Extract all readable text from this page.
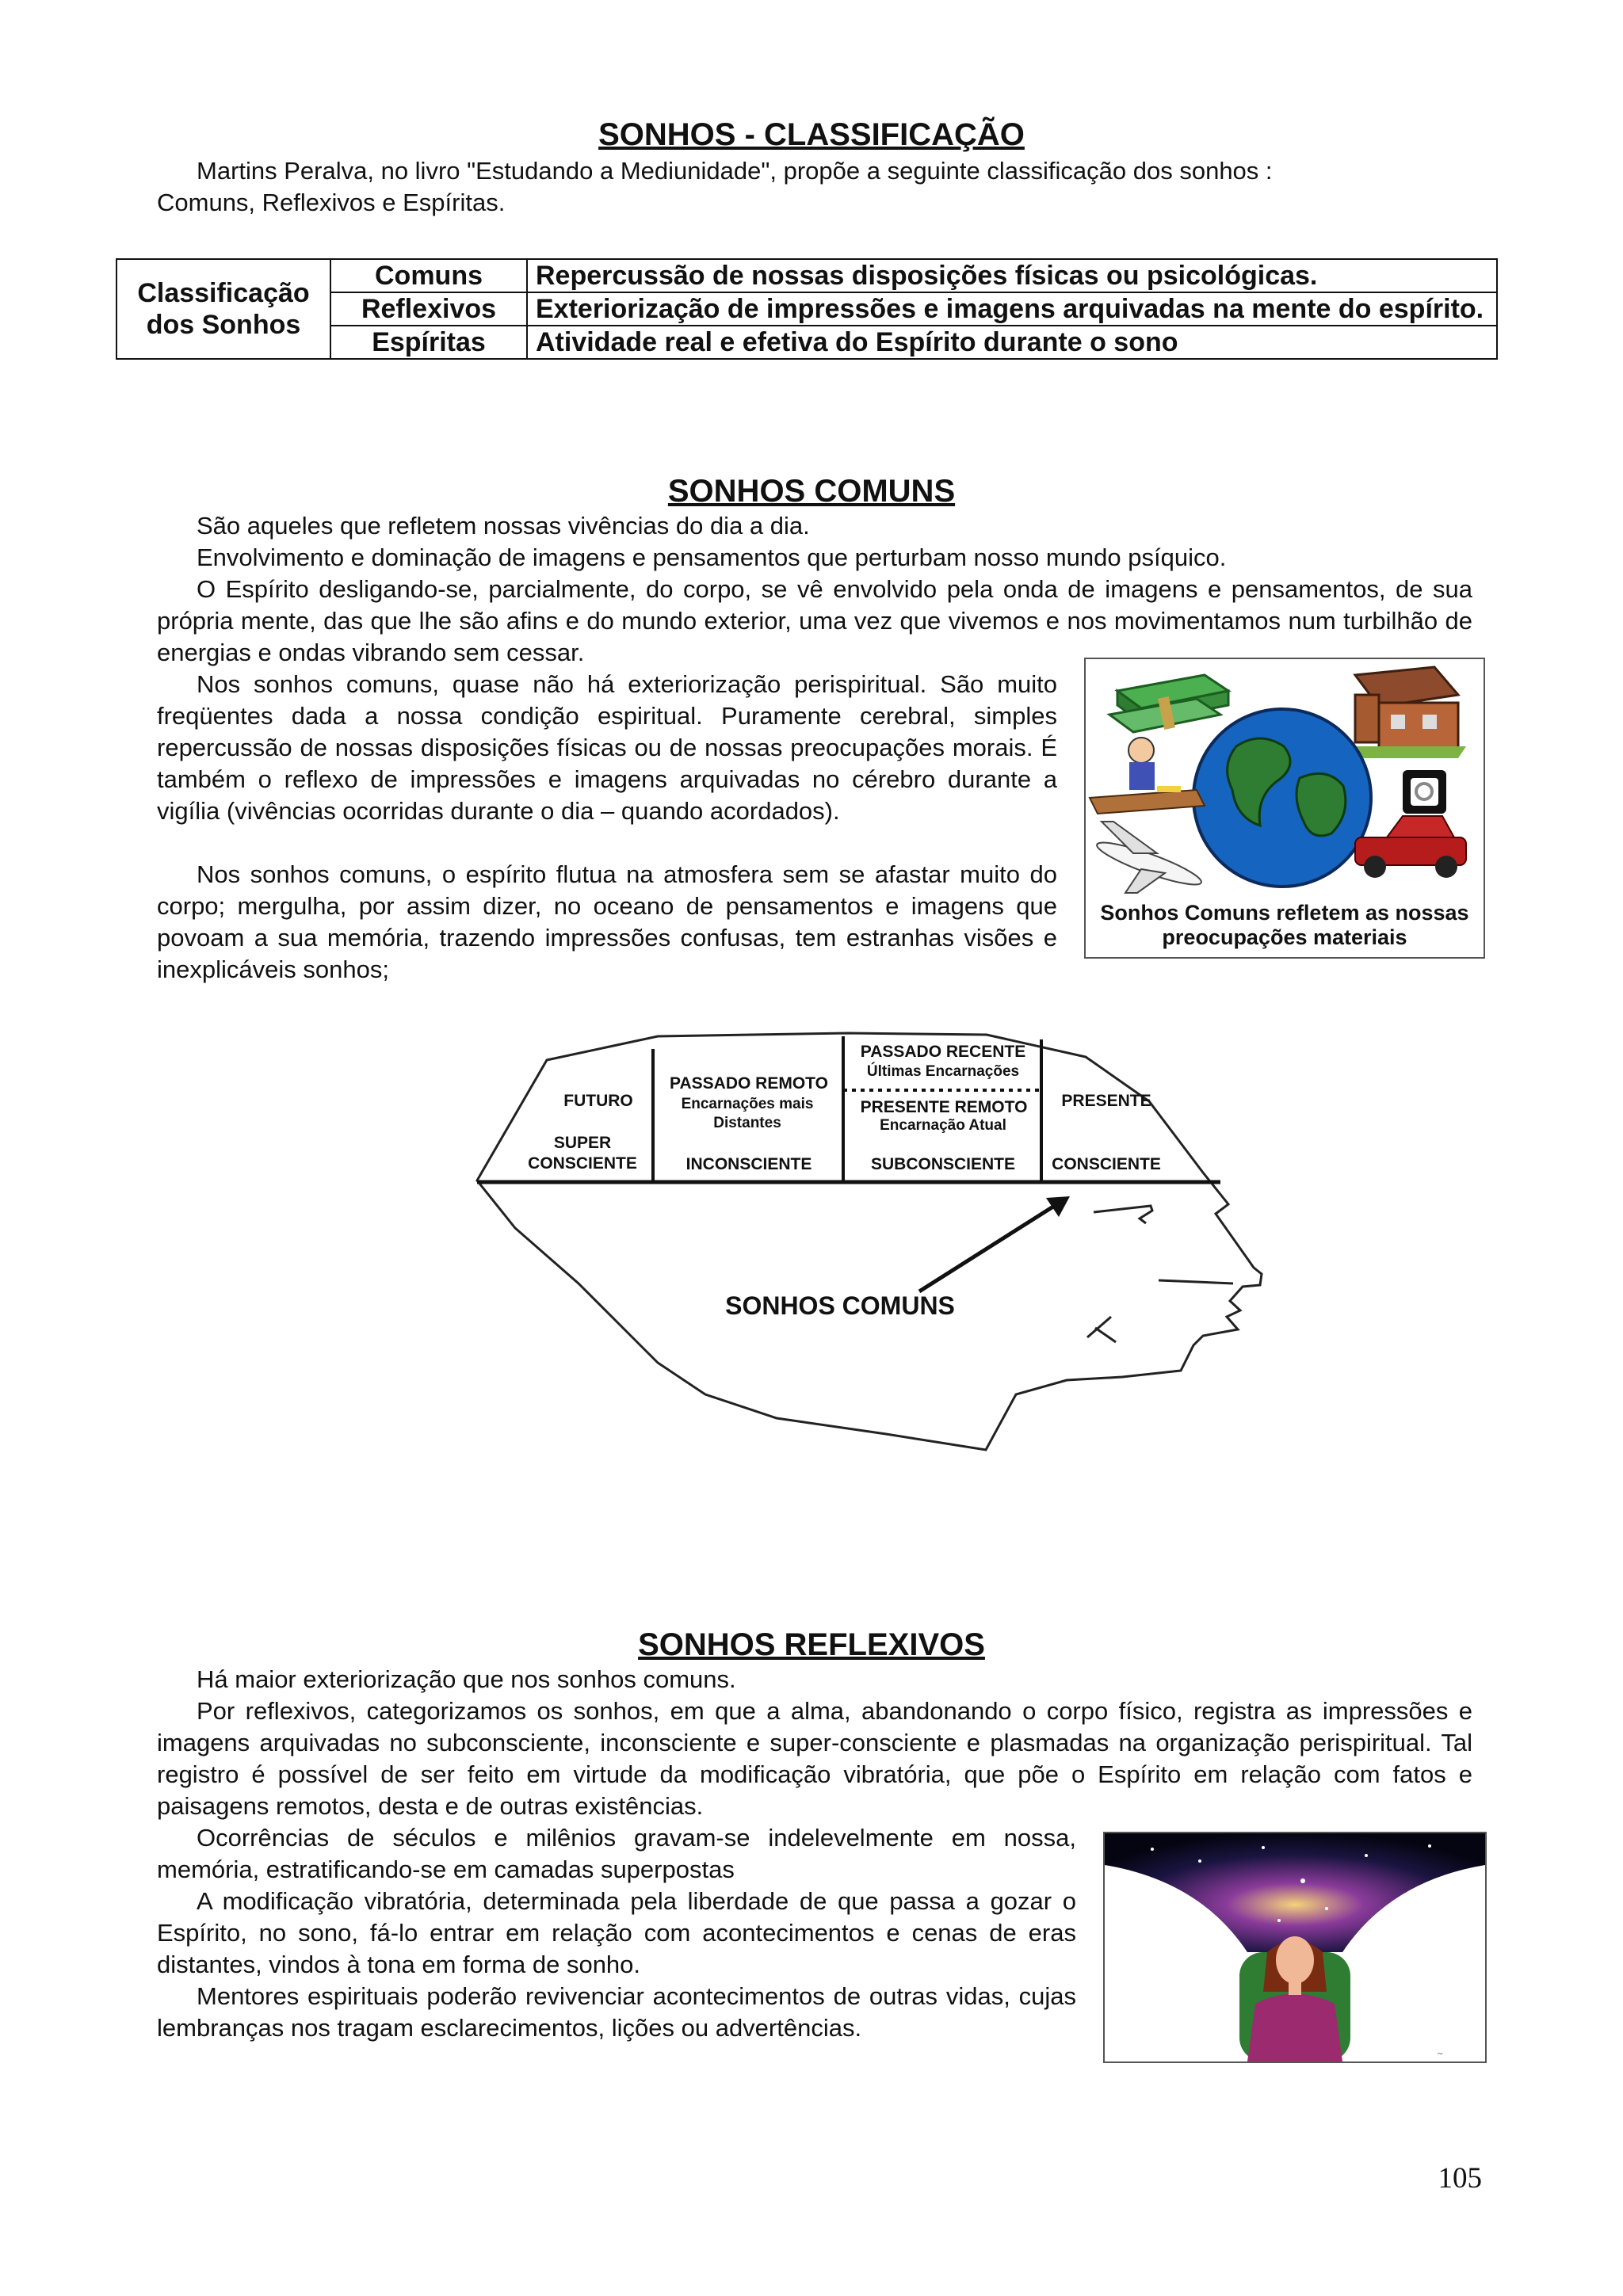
SONHOS - CLASSIFICAÇÃO

Martins Peralva, no livro "Estudando a Mediunidade", propõe a seguinte classificação dos sonhos :

Comuns, Reflexivos e Espíritas.

Classificação dos Sonhos	Comuns	Repercussão de nossas disposições físicas ou psicológicas.
	Reflexivos	Exteriorização de impressões e imagens arquivadas na mente do espírito.
	Espíritas	Atividade real e efetiva do Espírito durante o sono
SONHOS COMUNS

São aqueles que refletem nossas vivências do dia a dia.

Envolvimento e dominação de imagens e pensamentos que perturbam nosso mundo psíquico.

O Espírito desligando-se, parcialmente, do corpo, se vê envolvido pela onda de imagens e pensamentos, de sua própria mente, das que lhe são afins e do mundo exterior, uma vez que vivemos e nos movimentamos num turbilhão de energias e ondas vibrando sem cessar.

Nos sonhos comuns, quase não há exteriorização perispiritual. São muito freqüentes dada a nossa condição espiritual. Puramente cerebral, simples repercussão de nossas disposições físicas ou de nossas preocupações morais. É também o reflexo de impressões e imagens arquivadas no cérebro durante a vigília (vivências ocorridas durante o dia – quando acordados).

Nos sonhos comuns, o espírito flutua na atmosfera sem se afastar muito do corpo; mergulha, por assim dizer, no oceano de pensamentos e imagens que povoam a sua memória, trazendo impressões confusas, tem estranhas visões e inexplicáveis sonhos;

Sonhos Comuns refletem as nossas preocupações materiais
FUTURO
SUPER CONSCIENTE
PASSADO REMOTO
Encarnações mais Distantes
INCONSCIENTE
PASSADO RECENTE
Últimas Encarnações
PRESENTE REMOTO
Encarnação Atual
SUBCONSCIENTE
PRESENTE
CONSCIENTE
SONHOS COMUNS
SONHOS REFLEXIVOS

Há maior exteriorização que nos sonhos comuns.

Por reflexivos, categorizamos os sonhos, em que a alma, abandonando o corpo físico, registra as impressões e imagens arquivadas no subconsciente, inconsciente e super-consciente e plasmadas na organização perispiritual. Tal registro é possível de ser feito em virtude da modificação vibratória, que põe o Espírito em relação com fatos e paisagens remotos, desta e de outras existências.

Ocorrências de séculos e milênios gravam-se indelevelmente em nossa, memória, estratificando-se em camadas superpostas

A modificação vibratória, determinada pela liberdade de que passa a gozar o Espírito, no sono, fá-lo entrar em relação com acontecimentos e cenas de eras distantes, vindos à tona em forma de sonho.

Mentores espirituais poderão revivenciar acontecimentos de outras vidas, cujas lembranças nos tragam esclarecimentos, lições ou advertências.

~
105
